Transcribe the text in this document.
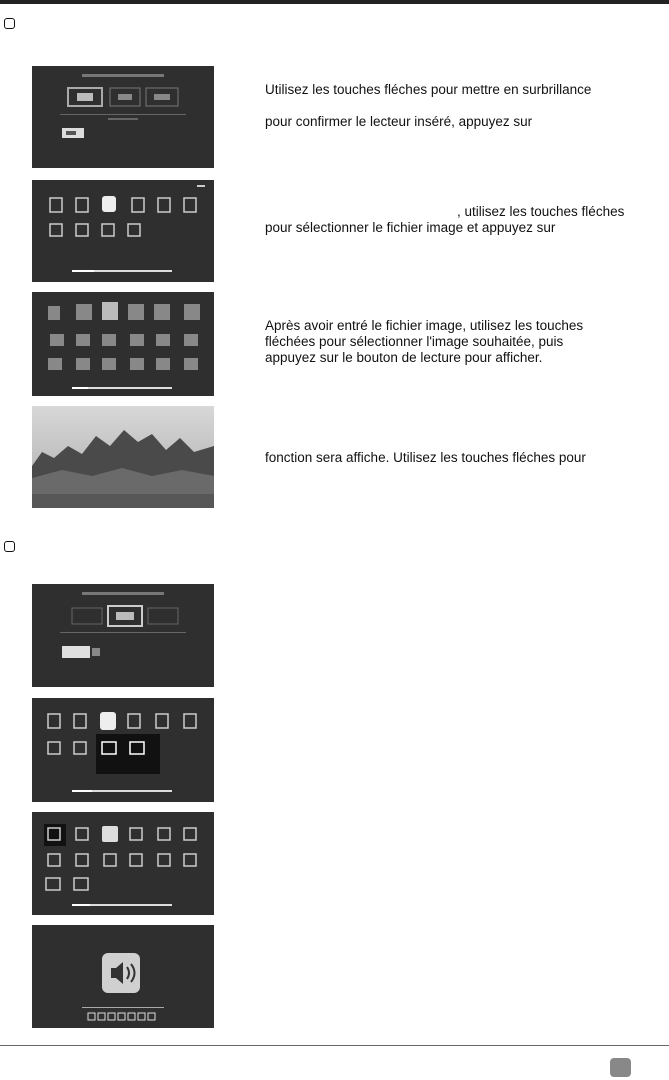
Utilisez les touches fléches pour mettre en surbrillance
pour confirmer le lecteur inséré, appuyez sur
, utilisez les touches fléches
pour sélectionner le fichier image et appuyez sur
Après avoir entré le fichier image, utilisez les touches
fléchées pour sélectionner l'image souhaitée, puis
appuyez sur le bouton de lecture pour afficher.
fonction sera affiche. Utilisez les touches fléches pour
